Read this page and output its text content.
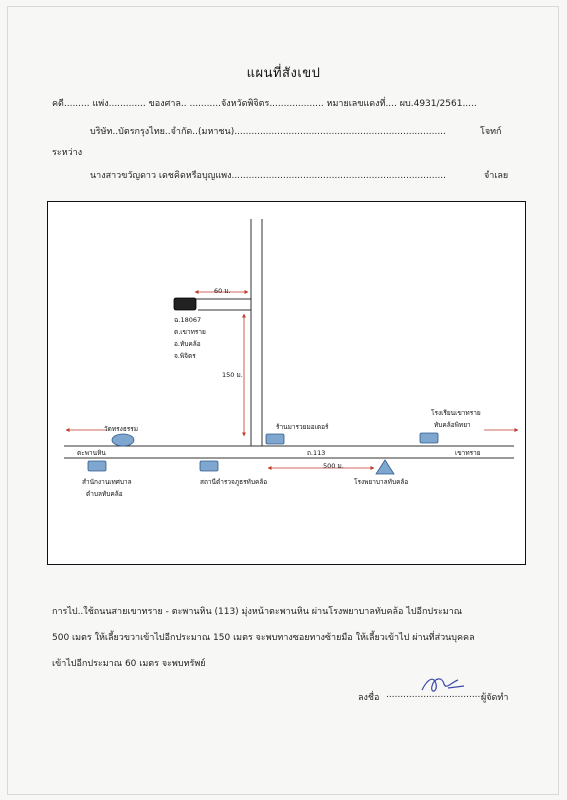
แผนที่สังเขป
คดี......... แพ่ง............. ของศาล.. ...........จังหวัดพิจิตร................... หมายเลขแดงที่.... ผบ.4931/2561.....
บริษัท..บัตรกรุงไทย..จำกัด..(มหาชน)..........................................................................	โจทก์
ระหว่าง
นางสาวขวัญดาว เดชคิดหรือบุญแพง...........................................................................	จำเลย
60 ม.
150 ม.
500 ม.
ฉ.18067
ต.เขาทราย
อ.ทับคล้อ
จ.พิจิตร
วัดทรงธรรม
ตะพานหิน	ถ.113	เขาทราย
ร้านมารวยมอเตอร์
โรงเรียนเขาทราย
ทับคล้อพิทยา
สำนักงานเทศบาล
ตำบลทับคล้อ
สถานีตำรวจภูธรทับคล้อ	โรงพยาบาลทับคล้อ
การไป..ใช้ถนนสายเขาทราย - ตะพานหิน (113) มุ่งหน้าตะพานหิน ผ่านโรงพยาบาลทับคล้อ ไปอีกประมาณ
500 เมตร ให้เลี้ยวขวาเข้าไปอีกประมาณ 150 เมตร จะพบทางซอยทางซ้ายมือ ให้เลี้ยวเข้าไป ผ่านที่ส่วนบุคคล
เข้าไปอีกประมาณ 60 เมตร จะพบทรัพย์
ลงชื่อ ..................................
ผู้จัดทำ
